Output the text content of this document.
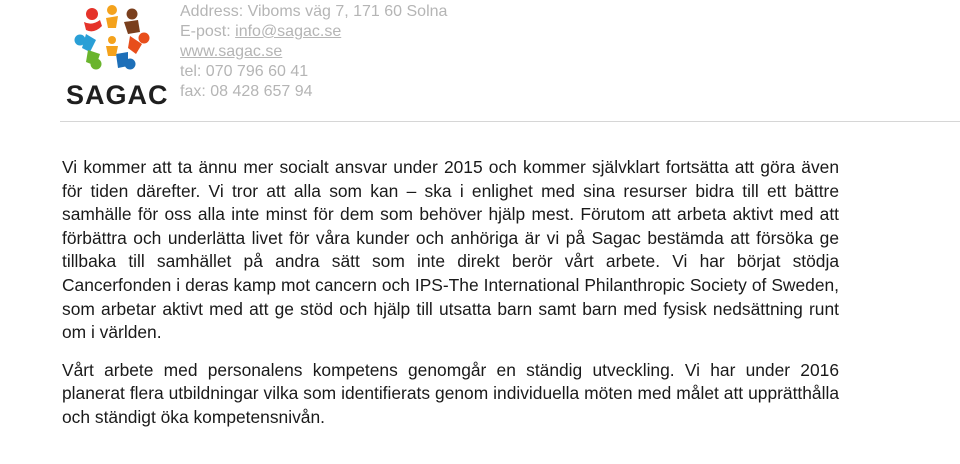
SAGAC
Address: Viboms väg 7, 171 60 Solna
E-post: info@sagac.se
www.sagac.se
tel: 070 796 60 41
fax: 08 428 657 94

Vi kommer att ta ännu mer socialt ansvar under 2015 och kommer självklart fortsätta att göra även för tiden därefter. Vi tror att alla som kan – ska i enlighet med sina resurser bidra till ett bättre samhälle för oss alla inte minst för dem som behöver hjälp mest. Förutom att arbeta aktivt med att förbättra och underlätta livet för våra kunder och anhöriga är vi på Sagac bestämda att försöka ge tillbaka till samhället på andra sätt som inte direkt berör vårt arbete. Vi har börjat stödja Cancerfonden i deras kamp mot cancern och IPS-The International Philanthropic Society of Sweden, som arbetar aktivt med att ge stöd och hjälp till utsatta barn samt barn med fysisk nedsättning runt om i världen.

Vårt arbete med personalens kompetens genomgår en ständig utveckling. Vi har under 2016 planerat flera utbildningar vilka som identifierats genom individuella möten med målet att upprätthålla och ständigt öka kompetensnivån.
